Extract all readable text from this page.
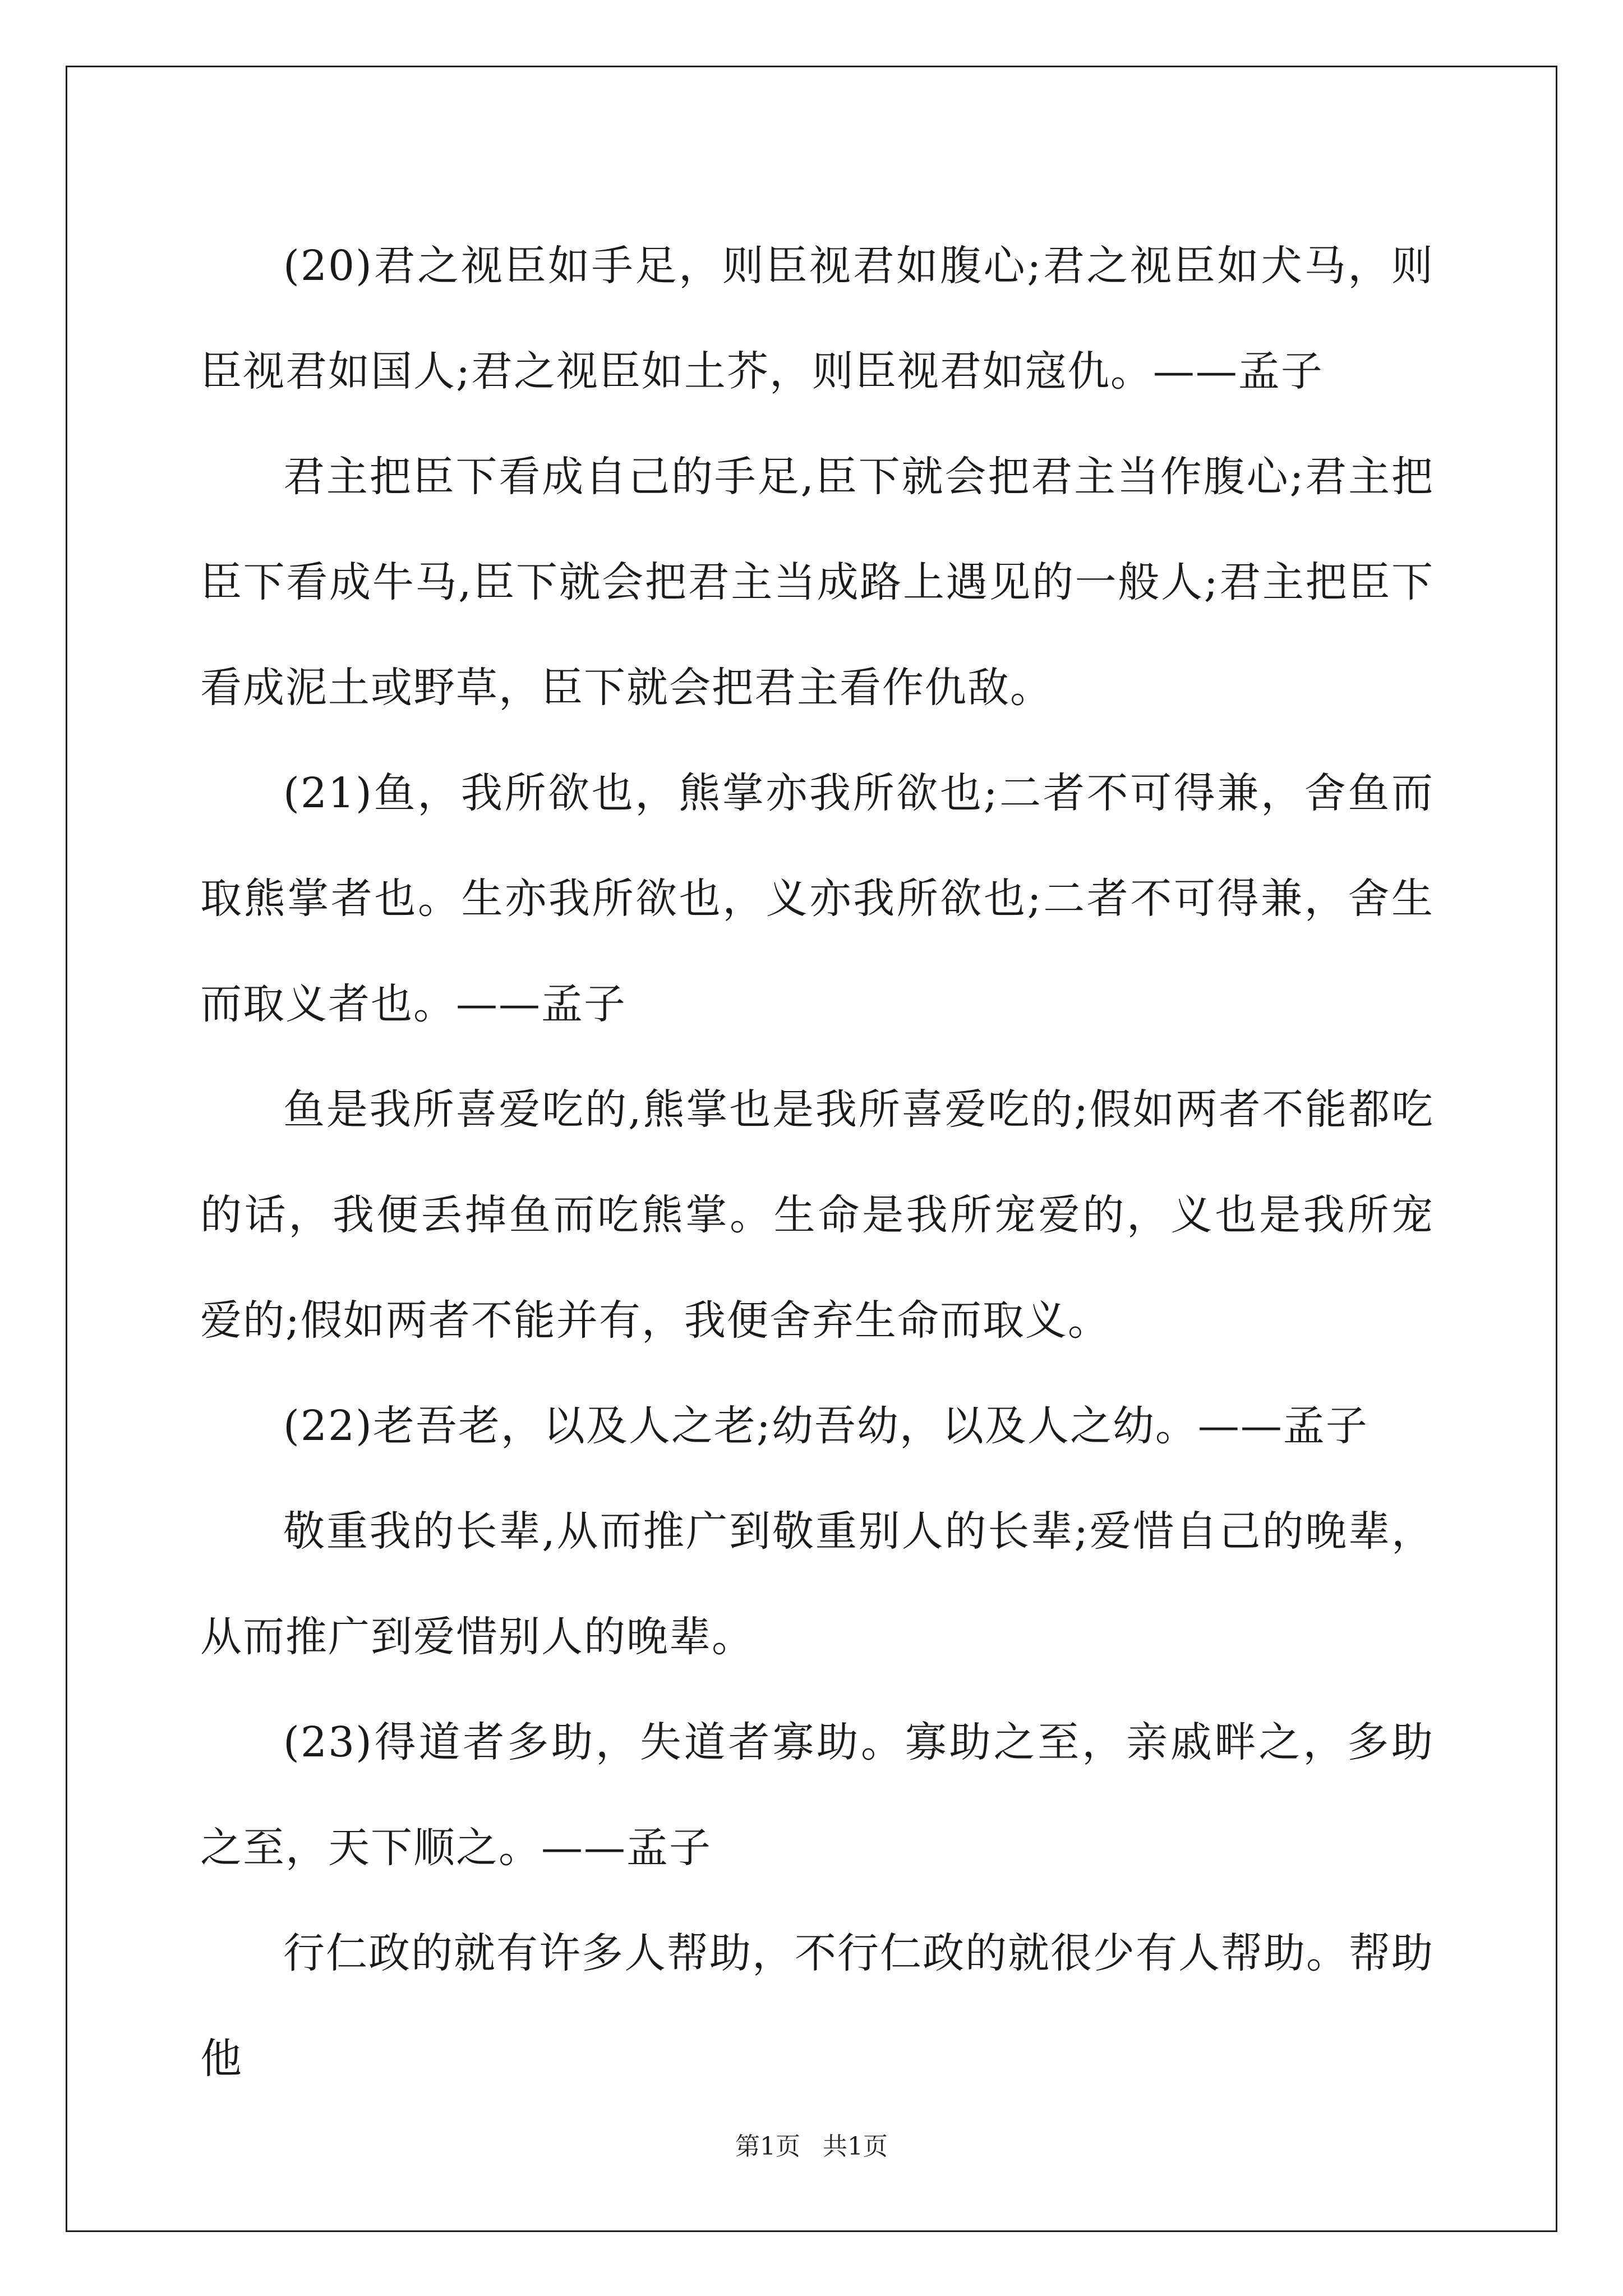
(20)君之视臣如手足，则臣视君如腹心;君之视臣如犬马，则臣视君如国人;君之视臣如土芥，则臣视君如寇仇。——孟子

君主把臣下看成自己的手足,臣下就会把君主当作腹心;君主把臣下看成牛马,臣下就会把君主当成路上遇见的一般人;君主把臣下看成泥土或野草，臣下就会把君主看作仇敌。

(21)鱼，我所欲也，熊掌亦我所欲也;二者不可得兼，舍鱼而取熊掌者也。生亦我所欲也，义亦我所欲也;二者不可得兼，舍生而取义者也。——孟子

鱼是我所喜爱吃的,熊掌也是我所喜爱吃的;假如两者不能都吃的话，我便丢掉鱼而吃熊掌。生命是我所宠爱的，义也是我所宠爱的;假如两者不能并有，我便舍弃生命而取义。

(22)老吾老，以及人之老;幼吾幼，以及人之幼。——孟子

敬重我的长辈,从而推广到敬重别人的长辈;爱惜自己的晚辈，从而推广到爱惜别人的晚辈。

(23)得道者多助，失道者寡助。寡助之至，亲戚畔之，多助之至，天下顺之。——孟子

行仁政的就有许多人帮助，不行仁政的就很少有人帮助。帮助他

第1页 共1页
